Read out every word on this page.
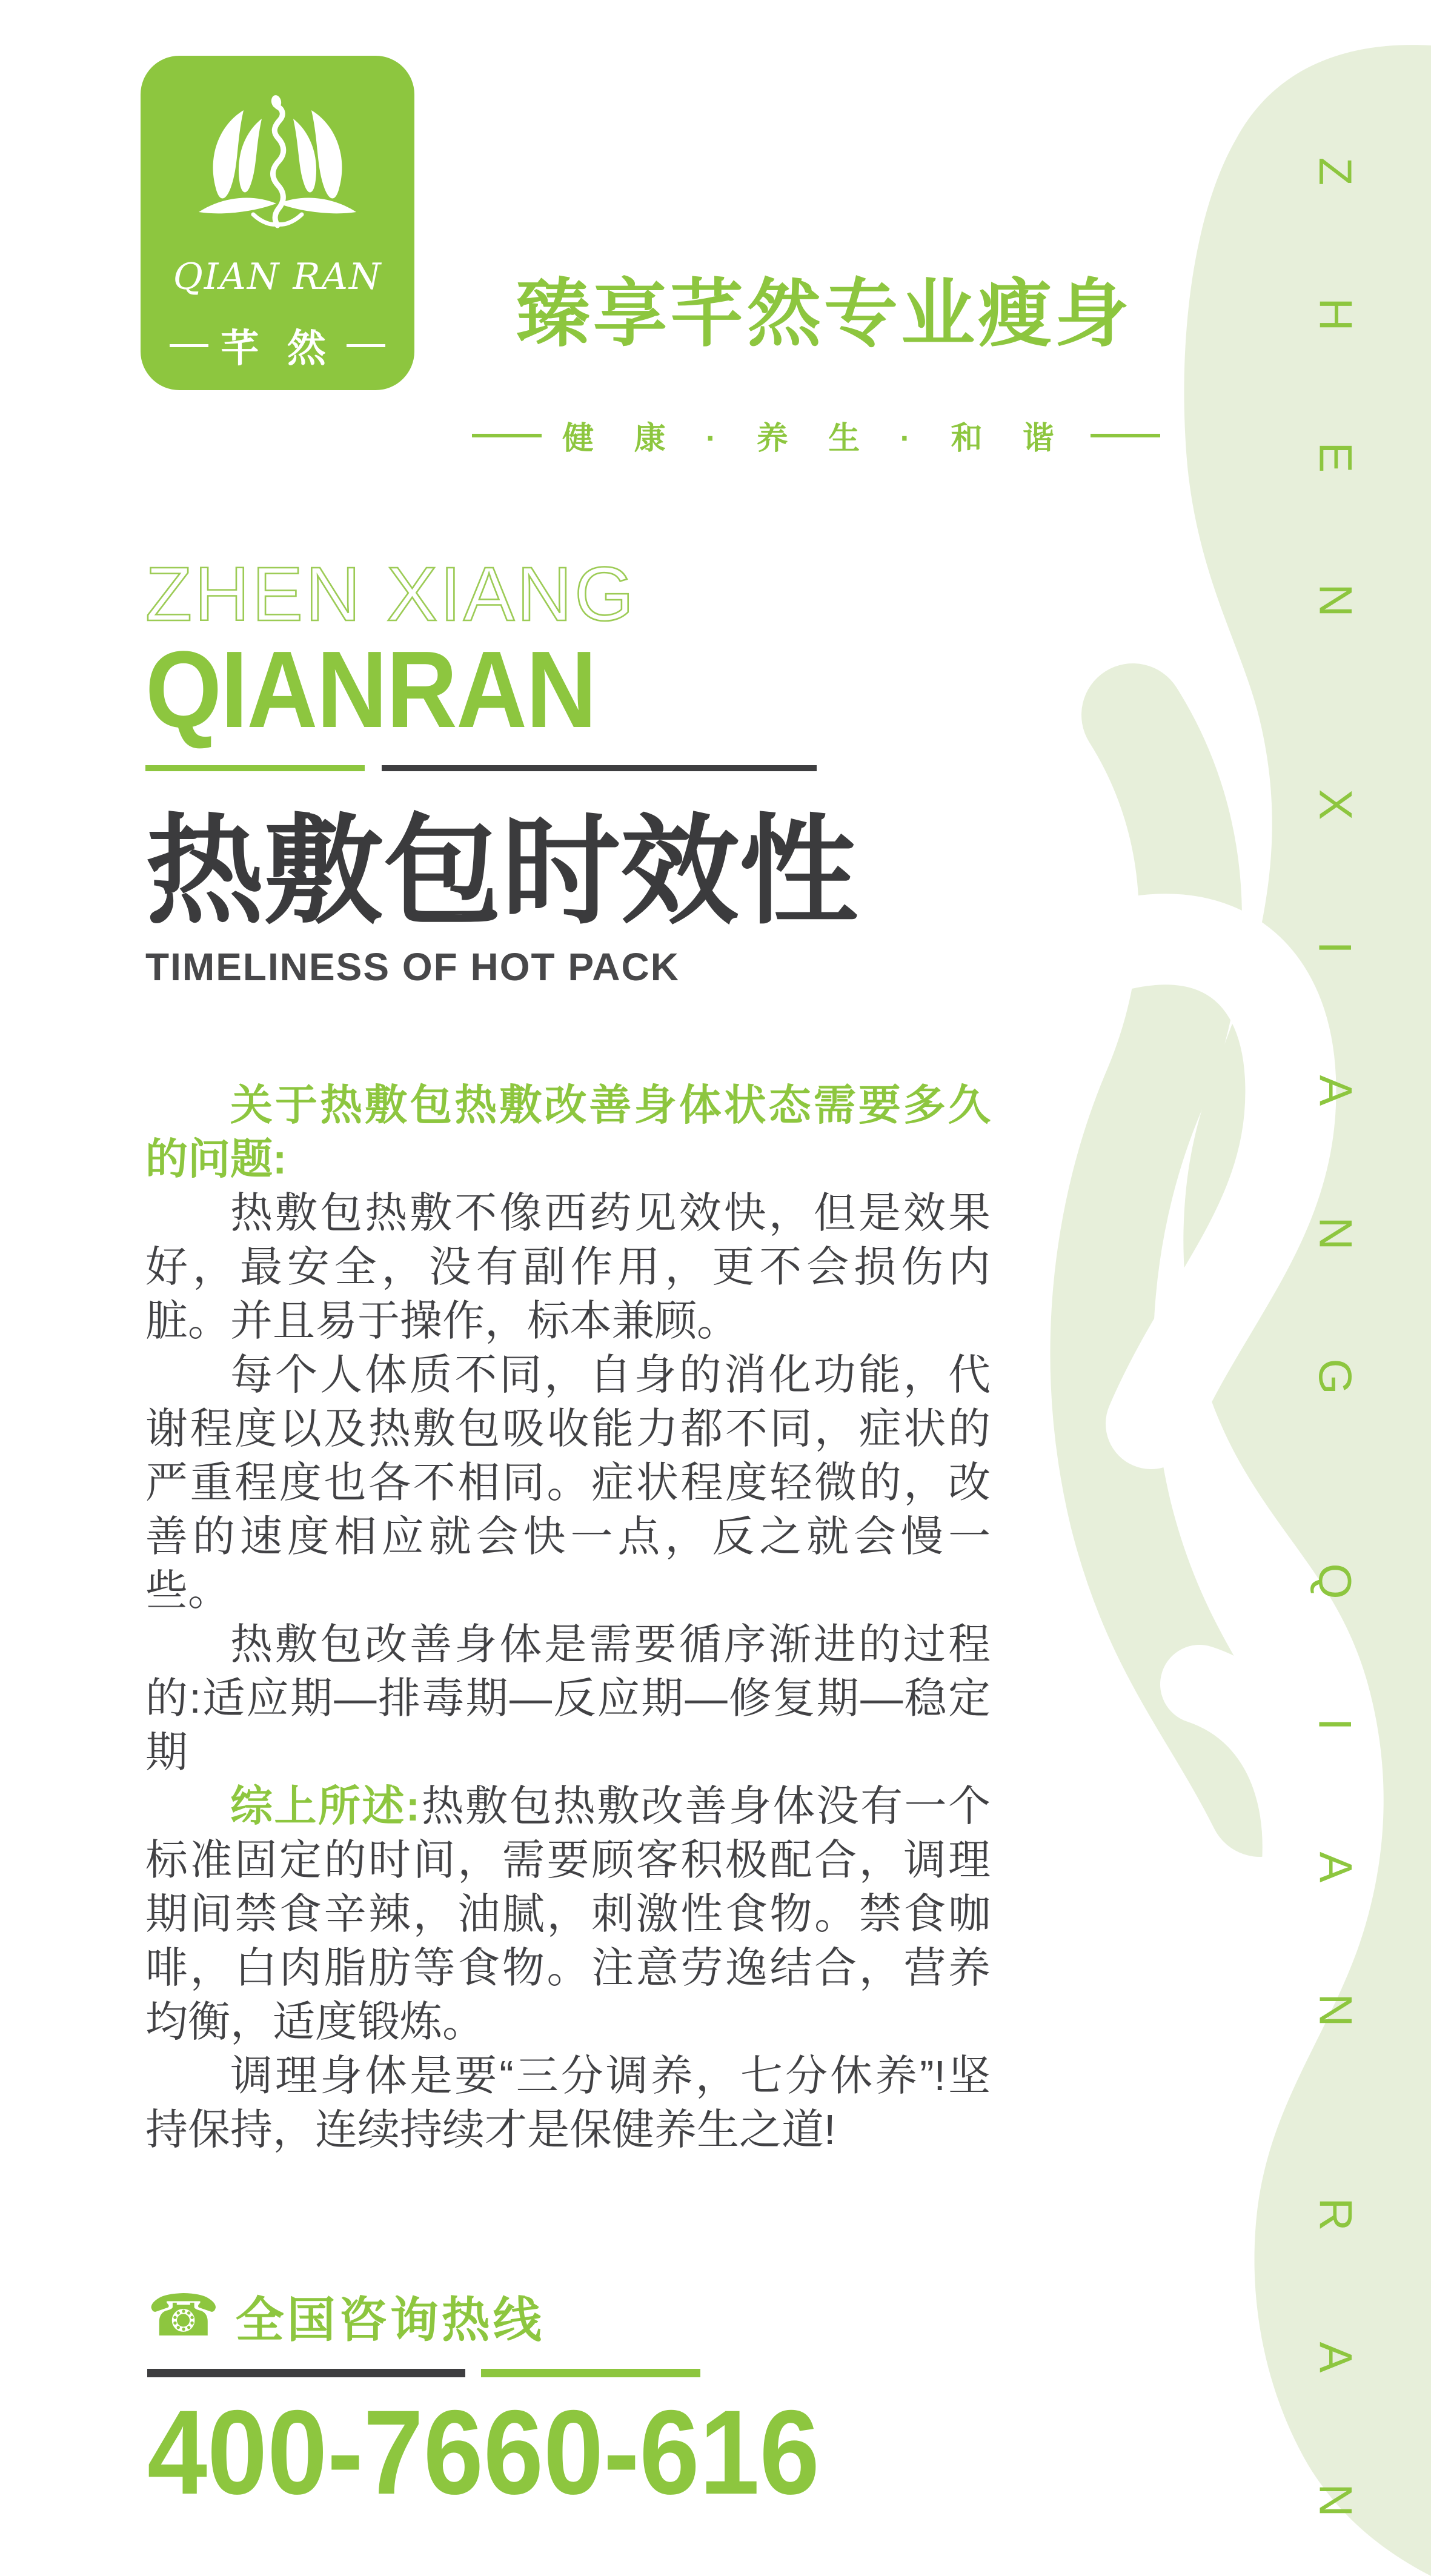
Z
H
E
N
X
I
A
N
G
Q
I
A
N
R
A
N
QIAN RAN
芊 然 臻享芊然专业瘦身
健 康 · 养 生 · 和 谐
ZHEN XIANG
QIANRAN
热敷包时效性
TIMELINESS OF HOT PACK

关于热敷包热敷改善身体状态需要多久的问题:

热敷包热敷不像西药见效快，但是效果好，最安全，没有副作用，更不会损伤内脏。并且易于操作，标本兼顾。

每个人体质不同，自身的消化功能，代谢程度以及热敷包吸收能力都不同，症状的严重程度也各不相同。症状程度轻微的，改善的速度相应就会快一点，反之就会慢一些。

热敷包改善身体是需要循序渐进的过程的:适应期—排毒期—反应期—修复期—稳定期

综上所述:热敷包热敷改善身体没有一个标准固定的时间，需要顾客积极配合，调理期间禁食辛辣，油腻，刺激性食物。禁食咖啡，白肉脂肪等食物。注意劳逸结合，营养均衡，适度锻炼。

调理身体是要“三分调养，七分休养”!坚持保持，连续持续才是保健养生之道!

☎ 全国咨询热线
400-7660-616
